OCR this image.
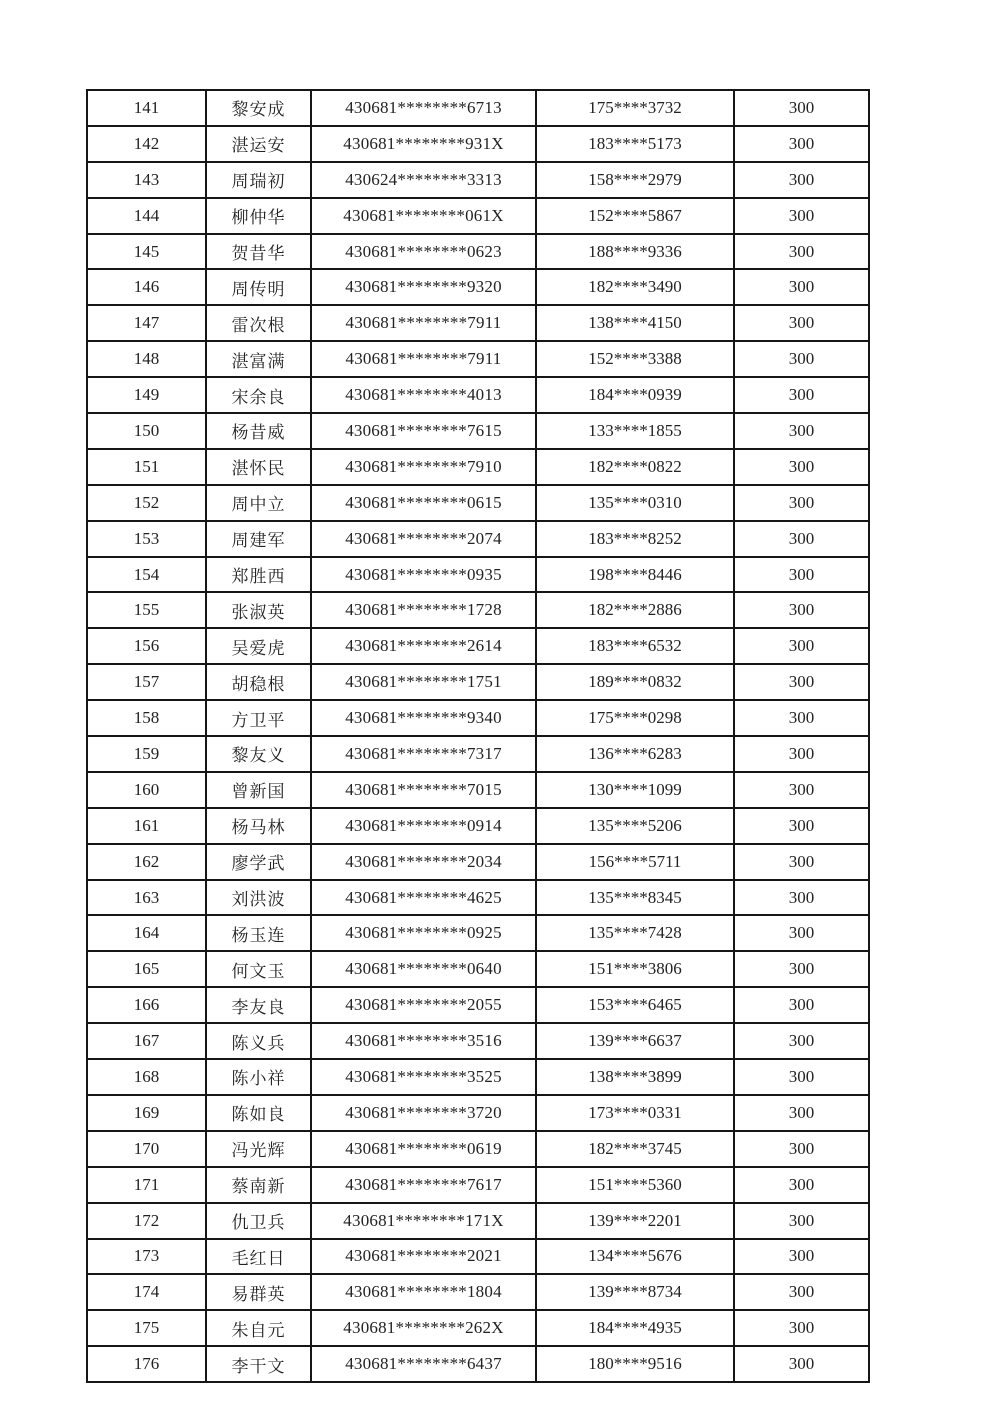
141	黎安成	430681********6713	175****3732	300
142	湛运安	430681********931X	183****5173	300
143	周瑞初	430624********3313	158****2979	300
144	柳仲华	430681********061X	152****5867	300
145	贺昔华	430681********0623	188****9336	300
146	周传明	430681********9320	182****3490	300
147	雷次根	430681********7911	138****4150	300
148	湛富满	430681********7911	152****3388	300
149	宋余良	430681********4013	184****0939	300
150	杨昔威	430681********7615	133****1855	300
151	湛怀民	430681********7910	182****0822	300
152	周中立	430681********0615	135****0310	300
153	周建军	430681********2074	183****8252	300
154	郑胜西	430681********0935	198****8446	300
155	张淑英	430681********1728	182****2886	300
156	吴爱虎	430681********2614	183****6532	300
157	胡稳根	430681********1751	189****0832	300
158	方卫平	430681********9340	175****0298	300
159	黎友义	430681********7317	136****6283	300
160	曾新国	430681********7015	130****1099	300
161	杨马林	430681********0914	135****5206	300
162	廖学武	430681********2034	156****5711	300
163	刘洪波	430681********4625	135****8345	300
164	杨玉连	430681********0925	135****7428	300
165	何文玉	430681********0640	151****3806	300
166	李友良	430681********2055	153****6465	300
167	陈义兵	430681********3516	139****6637	300
168	陈小祥	430681********3525	138****3899	300
169	陈如良	430681********3720	173****0331	300
170	冯光辉	430681********0619	182****3745	300
171	蔡南新	430681********7617	151****5360	300
172	仇卫兵	430681********171X	139****2201	300
173	毛红日	430681********2021	134****5676	300
174	易群英	430681********1804	139****8734	300
175	朱自元	430681********262X	184****4935	300
176	李干文	430681********6437	180****9516	300
